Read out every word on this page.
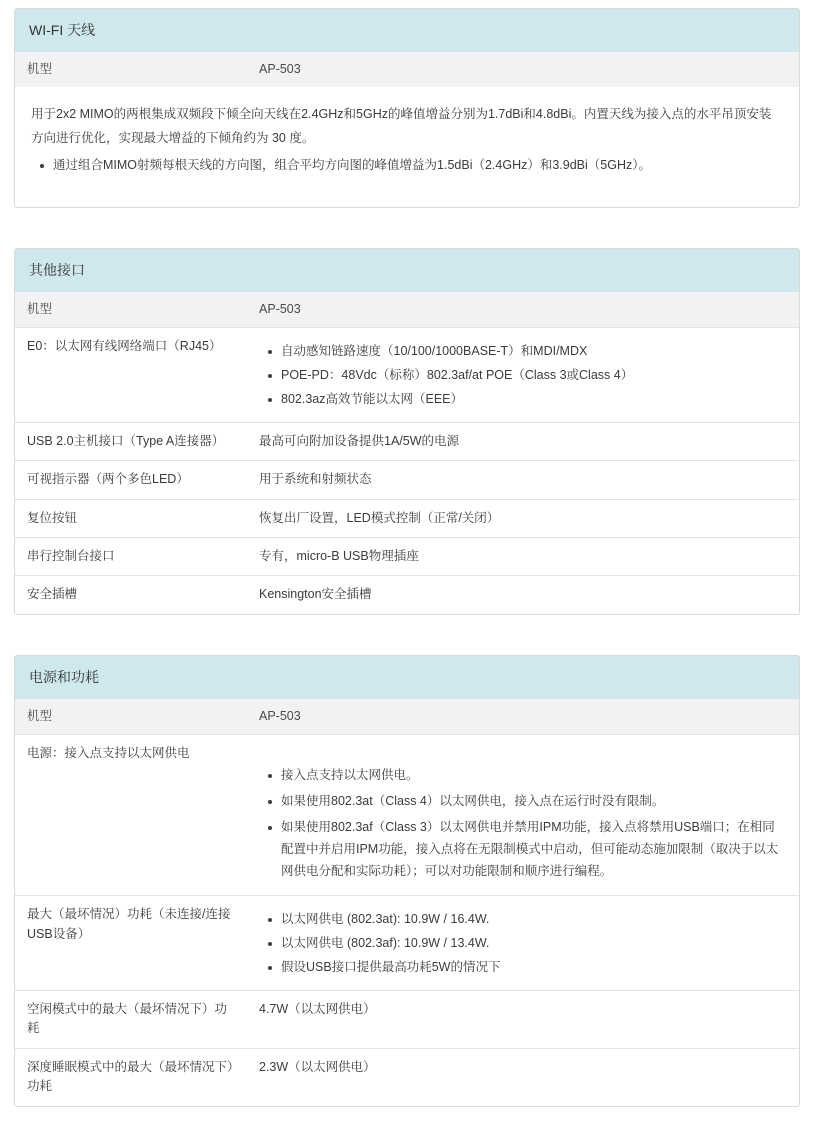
WI-FI 天线
机型	AP-503

用于2x2 MIMO的两根集成双频段下倾全向天线在2.4GHz和5GHz的峰值增益分别为1.7dBi和4.8dBi。内置天线为接入点的水平吊顶安装方向进行优化，实现最大增益的下倾角约为 30 度。

通过组合MIMO射频每根天线的方向图，组合平均方向图的峰值增益为1.5dBi（2.4GHz）和3.9dBi（5GHz）。
其他接口
机型	AP-503
E0：以太网有线网络端口（RJ45）	自动感知链路速度（10/100/1000BASE-T）和MDI/MDX
POE-PD：48Vdc（标称）802.3af/at POE（Class 3或Class 4）
802.3az高效节能以太网（EEE）

USB 2.0主机接口（Type A连接器）	最高可向附加设备提供1A/5W的电源
可视指示器（两个多色LED）	用于系统和射频状态
复位按钮	恢复出厂设置，LED模式控制（正常/关闭）
串行控制台接口	专有，micro-B USB物理插座
安全插槽	Kensington安全插槽
电源和功耗
机型	AP-503
电源：接入点支持以太网供电	
接入点支持以太网供电。
如果使用802.3at（Class 4）以太网供电，接入点在运行时没有限制。
如果使用802.3af（Class 3）以太网供电并禁用IPM功能，接入点将禁用USB端口；在相同配置中并启用IPM功能，接入点将在无限制模式中启动，但可能动态施加限制（取决于以太网供电分配和实际功耗）；可以对功能限制和顺序进行编程。

最大（最坏情况）功耗（未连接/连接USB设备）	
以太网供电 (802.3at): 10.9W / 16.4W.
以太网供电 (802.3af): 10.9W / 13.4W.
假设USB接口提供最高功耗5W的情况下

空闲模式中的最大（最坏情况下）功耗	4.7W（以太网供电）
深度睡眠模式中的最大（最坏情况下）功耗	2.3W（以太网供电）
